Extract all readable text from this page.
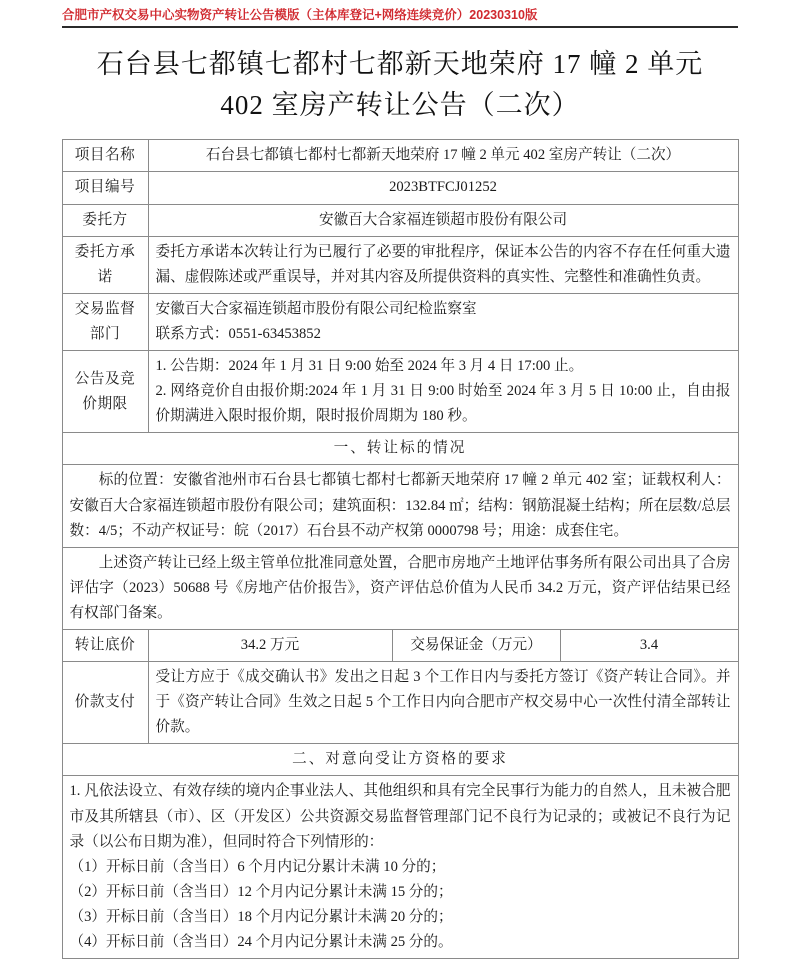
合肥市产权交易中心实物资产转让公告模版（主体库登记+网络连续竞价）20230310版
石台县七都镇七都村七都新天地荣府 17 幢 2 单元
402 室房产转让公告（二次）
项目名称	石台县七都镇七都村七都新天地荣府 17 幢 2 单元 402 室房产转让（二次）		
项目编号	2023BTFCJ01252		
委托方	安徽百大合家福连锁超市股份有限公司		
委托方承诺	委托方承诺本次转让行为已履行了必要的审批程序，保证本公告的内容不存在任何重大遗漏、虚假陈述或严重误导，并对其内容及所提供资料的真实性、完整性和准确性负责。		

交易监督部门	安徽百大合家福连锁超市股份有限公司纪检监察室

联系方式：0551-63453852		

公告及竞价期限	1. 公告期：2024 年 1 月 31 日 9:00 始至 2024 年 3 月 4 日 17:00 止。

2. 网络竞价自由报价期:2024 年 1 月 31 日 9:00 时始至 2024 年 3 月 5 日 10:00 止，自由报价期满进入限时报价期，限时报价周期为 180 秒。		

一、转让标的情况			

标的位置：安徽省池州市石台县七都镇七都村七都新天地荣府 17 幢 2 单元 402 室；证载权利人：安徽百大合家福连锁超市股份有限公司；建筑面积：132.84 ㎡；结构：钢筋混凝土结构；所在层数/总层数：4/5；不动产权证号：皖（2017）石台县不动产权第 0000798 号；用途：成套住宅。			

上述资产转让已经上级主管单位批准同意处置，合肥市房地产土地评估事务所有限公司出具了合房评估字（2023）50688 号《房地产估价报告》，资产评估总价值为人民币 34.2 万元，资产评估结果已经有权部门备案。			

转让底价	34.2 万元	交易保证金（万元）	3.4
价款支付	受让方应于《成交确认书》发出之日起 3 个工作日内与委托方签订《资产转让合同》。并于《资产转让合同》生效之日起 5 个工作日内向合肥市产权交易中心一次性付清全部转让价款。		

二、对意向受让方资格的要求			

1. 凡依法设立、有效存续的境内企事业法人、其他组织和具有完全民事行为能力的自然人，且未被合肥市及其所辖县（市）、区（开发区）公共资源交易监督管理部门记不良行为记录的；或被记不良行为记录（以公布日期为准），但同时符合下列情形的：

（1）开标日前（含当日）6 个月内记分累计未满 10 分的；

（2）开标日前（含当日）12 个月内记分累计未满 15 分的；

（3）开标日前（含当日）18 个月内记分累计未满 20 分的；

（4）开标日前（含当日）24 个月内记分累计未满 25 分的。			
